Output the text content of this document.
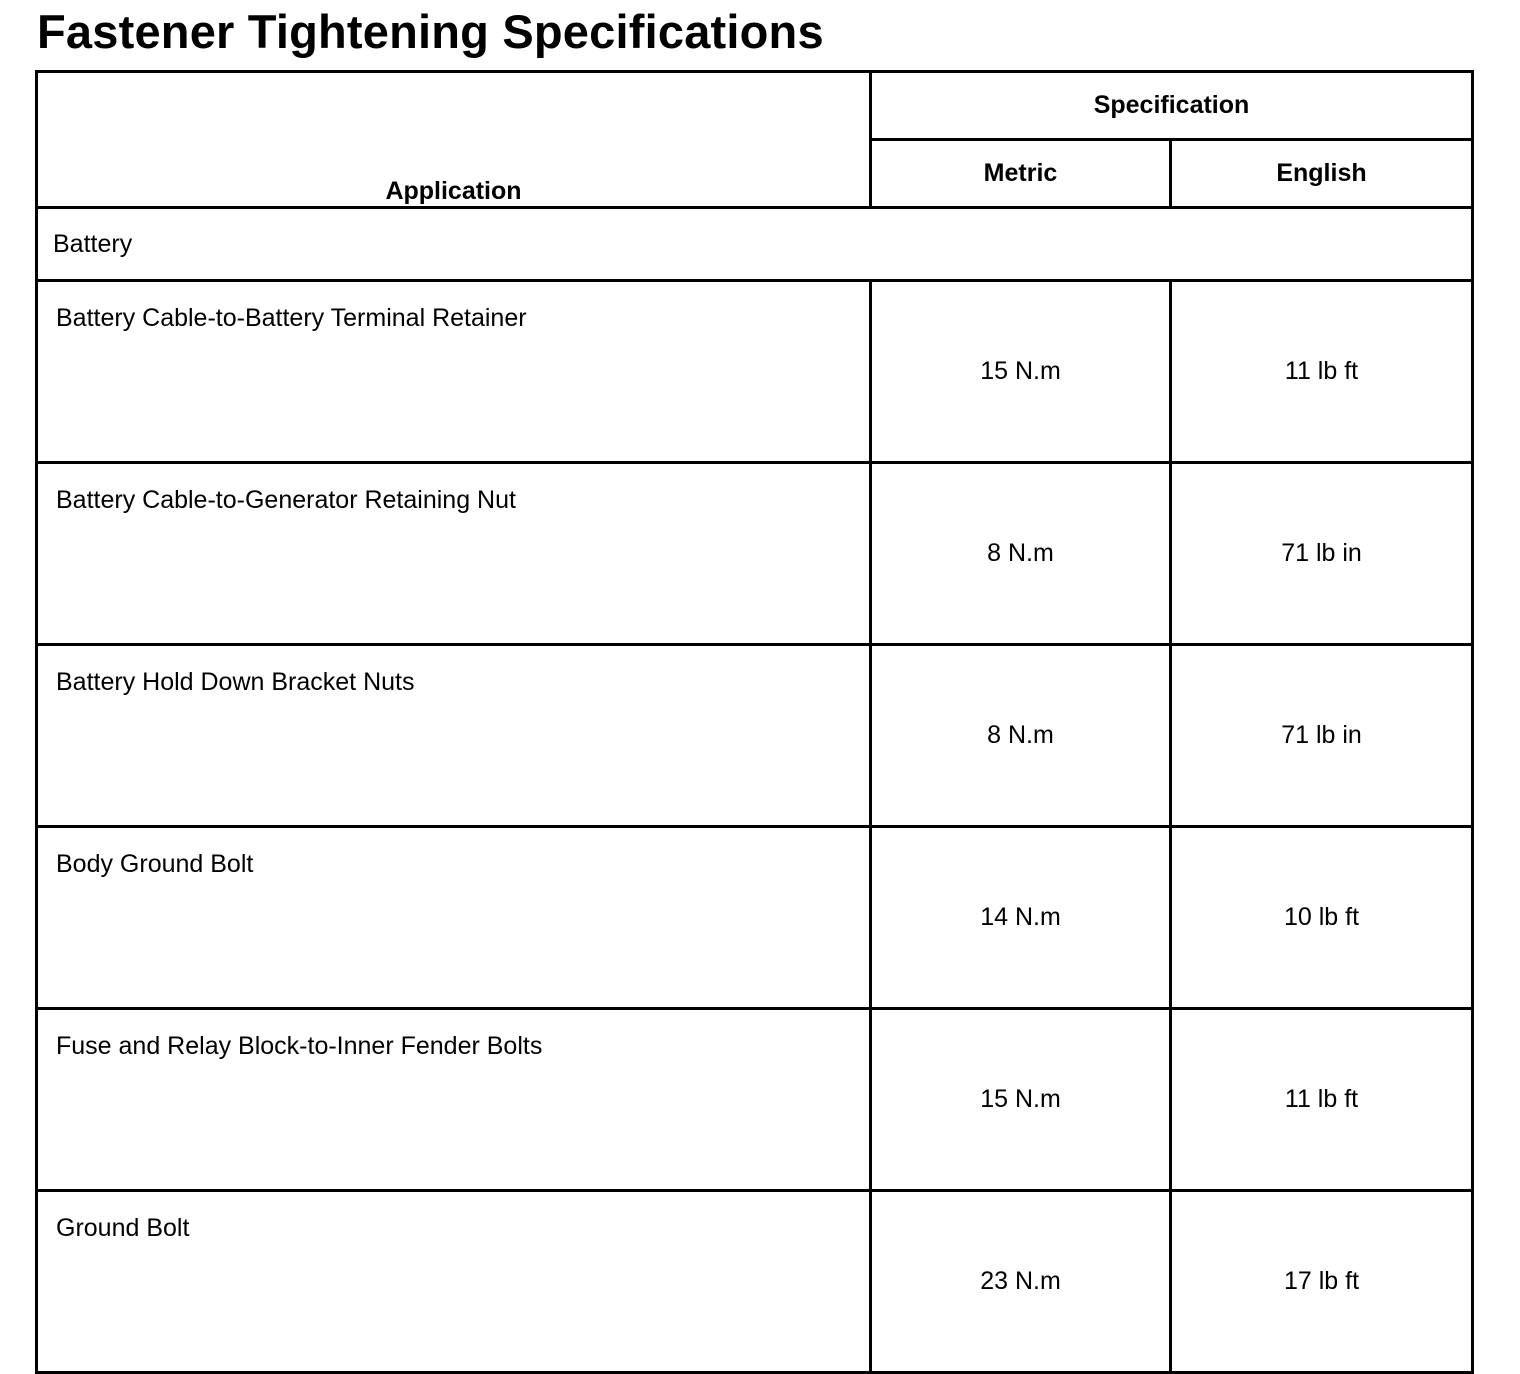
Fastener Tightening Specifications
Application	Specification	
	Metric	English
Battery		
Battery Cable-to-Battery Terminal Retainer	15 N.m	11 lb ft
Battery Cable-to-Generator Retaining Nut	8 N.m	71 lb in
Battery Hold Down Bracket Nuts	8 N.m	71 lb in
Body Ground Bolt	14 N.m	10 lb ft
Fuse and Relay Block-to-Inner Fender Bolts	15 N.m	11 lb ft
Ground Bolt	23 N.m	17 lb ft
